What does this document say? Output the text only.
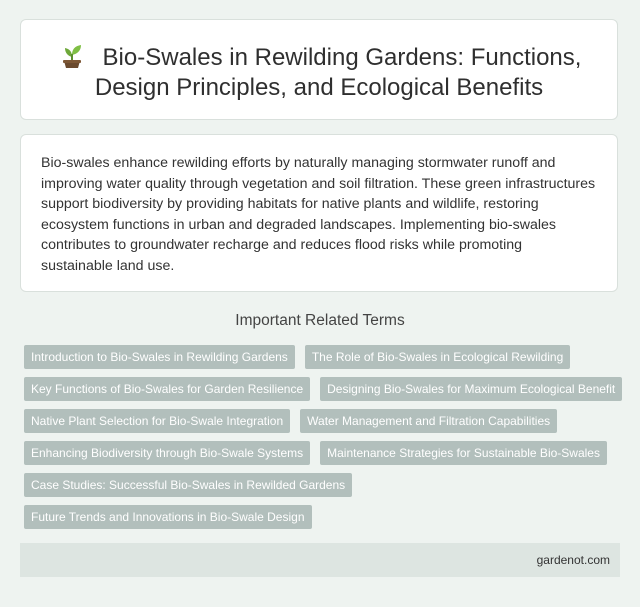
Bio-Swales in Rewilding Gardens: Functions, Design Principles, and Ecological Benefits

Bio-swales enhance rewilding efforts by naturally managing stormwater runoff and improving water quality through vegetation and soil filtration. These green infrastructures support biodiversity by providing habitats for native plants and wildlife, restoring ecosystem functions in urban and degraded landscapes. Implementing bio-swales contributes to groundwater recharge and reduces flood risks while promoting sustainable land use.

Important Related Terms
Introduction to Bio-Swales in Rewilding Gardens	The Role of Bio-Swales in Ecological Rewilding
Key Functions of Bio-Swales for Garden Resilience	Designing Bio-Swales for Maximum Ecological Benefit
Native Plant Selection for Bio-Swale Integration	Water Management and Filtration Capabilities
Enhancing Biodiversity through Bio-Swale Systems	Maintenance Strategies for Sustainable Bio-Swales
Case Studies: Successful Bio-Swales in Rewilded Gardens
Future Trends and Innovations in Bio-Swale Design
gardenot.com
